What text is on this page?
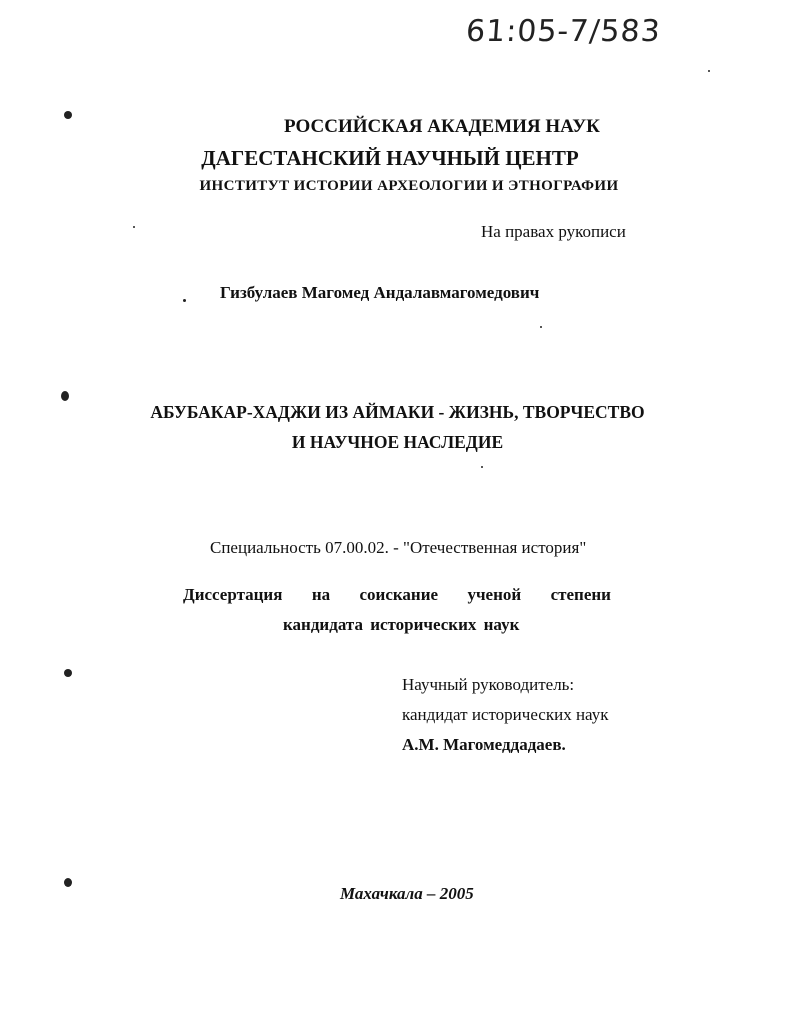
61:05-7/583
РОССИЙСКАЯ АКАДЕМИЯ НАУК
ДАГЕСТАНСКИЙ НАУЧНЫЙ ЦЕНТР
ИНСТИТУТ ИСТОРИИ АРХЕОЛОГИИ И ЭТНОГРАФИИ
На правах рукописи
Гизбулаев Магомед Андалавмагомедович
АБУБАКАР-ХАДЖИ ИЗ АЙМАКИ - ЖИЗНЬ, ТВОРЧЕСТВО
И НАУЧНОЕ НАСЛЕДИЕ
Специальность 07.00.02. - "Отечественная история"
Диссертация на соискание ученой степени
кандидата исторических наук
Научный руководитель:
кандидат исторических наук
А.М. Магомеддадаев.
Махачкала – 2005
